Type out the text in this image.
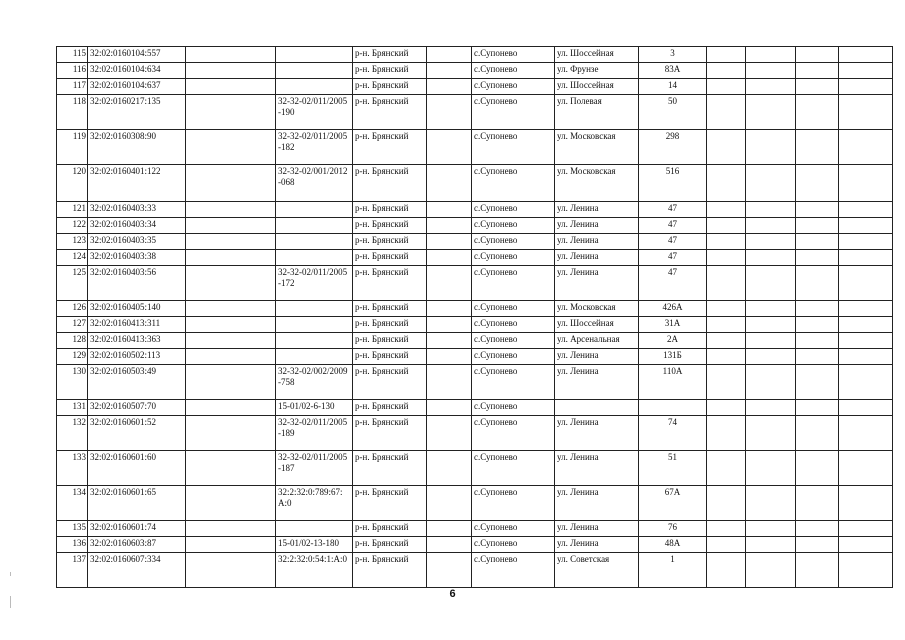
115	32:02:0160104:557			р-н. Брянский		с.Супонево	ул. Шоссейная	3				
116	32:02:0160104:634			р-н. Брянский		с.Супонево	ул. Фрунзе	83А				
117	32:02:0160104:637			р-н. Брянский		с.Супонево	ул. Шоссейная	14				
118	32:02:0160217:135		32-32-02/011/2005-190	р-н. Брянский		с.Супонево	ул. Полевая	50				
119	32:02:0160308:90		32-32-02/011/2005-182	р-н. Брянский		с.Супонево	ул. Московская	298				
120	32:02:0160401:122		32-32-02/001/2012-068	р-н. Брянский		с.Супонево	ул. Московская	516				
121	32:02:0160403:33			р-н. Брянский		с.Супонево	ул. Ленина	47				
122	32:02:0160403:34			р-н. Брянский		с.Супонево	ул. Ленина	47				
123	32:02:0160403:35			р-н. Брянский		с.Супонево	ул. Ленина	47				
124	32:02:0160403:38			р-н. Брянский		с.Супонево	ул. Ленина	47				
125	32:02:0160403:56		32-32-02/011/2005-172	р-н. Брянский		с.Супонево	ул. Ленина	47				
126	32:02:0160405:140			р-н. Брянский		с.Супонево	ул. Московская	426А				
127	32:02:0160413:311			р-н. Брянский		с.Супонево	ул. Шоссейная	31А				
128	32:02:0160413:363			р-н. Брянский		с.Супонево	ул. Арсенальная	2А				
129	32:02:0160502:113			р-н. Брянский		с.Супонево	ул. Ленина	131Б				
130	32:02:0160503:49		32-32-02/002/2009-758	р-н. Брянский		с.Супонево	ул. Ленина	110А				
131	32:02:0160507:70		15-01/02-6-130	р-н. Брянский		с.Супонево						
132	32:02:0160601:52		32-32-02/011/2005-189	р-н. Брянский		с.Супонево	ул. Ленина	74				
133	32:02:0160601:60		32-32-02/011/2005-187	р-н. Брянский		с.Супонево	ул. Ленина	51				
134	32:02:0160601:65		32:2:32:0:789:67:А:0	р-н. Брянский		с.Супонево	ул. Ленина	67А				
135	32:02:0160601:74			р-н. Брянский		с.Супонево	ул. Ленина	76				
136	32:02:0160603:87		15-01/02-13-180	р-н. Брянский		с.Супонево	ул. Ленина	48А				
137	32:02:0160607:334		32:2:32:0:54:1:А:0	р-н. Брянский		с.Супонево	ул. Советская	1				
6
